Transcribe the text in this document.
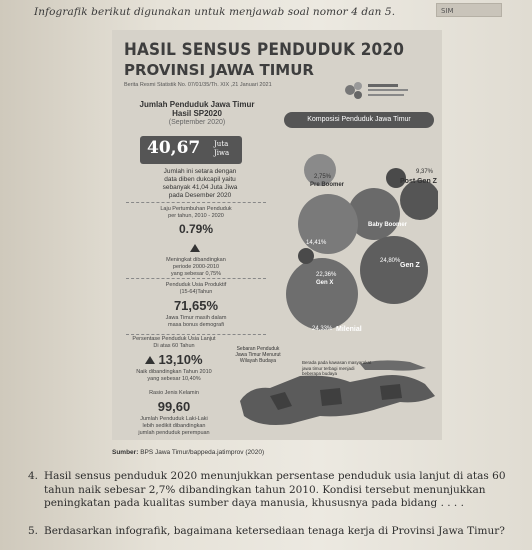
Infografik berikut digunakan untuk menjawab soal nomor 4 dan 5.	SIM
HASIL SENSUS PENDUDUK 2020
PROVINSI JAWA TIMUR
Berita Resmi Statistik No. 07/01/35/Th. XIX ,21 Januari 2021
Jumlah Penduduk Jawa Timur
Hasil SP2020
(September 2020)
40,67 Juta
Jiwa
Jumlah ini setara dengan
data diben dukcapil yaitu
sebanyak 41,04 Juta Jiwa
pada Desember 2020
Laju Pertumbuhan Penduduk
per tahun, 2010 - 2020
0.79%
Meningkat dibandingkan
periode 2000-2010
yang sebesar 0,75%
Penduduk Usia Produktif
(15-64)Tahun
71,65%
Jawa Timur masih dalam
masa bonus demografi
Persentase Penduduk Usia Lanjut
Di atas 60 Tahun
13,10%
Naik dibandingkan Tahun 2010
yang sebesar 10,40%
Rasio Jenis Kelamin
99,60
Jumlah Penduduk Laki-Laki
lebih sedikit dibandingkan
jumlah penduduk perempuan
Komposisi Penduduk Jawa Timur
2,75%
Pre Boomer
9,37%
Post Gen Z
Baby Boomer
14,41%
22,36%
Gen X
24,80%
Gen Z
24,33% Milenial
Sebaran Penduduk
Jawa Timur Menurut
Wilayah Budaya	Berada pada kawasan masyarakat jawa timur terbagi menjadi beberapa budaya
Sumber: BPS Jawa Timur/bappeda.jatimprov (2020)
4. Hasil sensus penduduk 2020 menunjukkan persentase penduduk usia lanjut di atas 60 tahun naik sebesar 2,7% dibandingkan tahun 2010. Kondisi tersebut menunjukkan peningkatan pada kualitas sumber daya manusia, khususnya pada bidang . . . .
5. Berdasarkan infografik, bagaimana ketersediaan tenaga kerja di Provinsi Jawa Timur?
